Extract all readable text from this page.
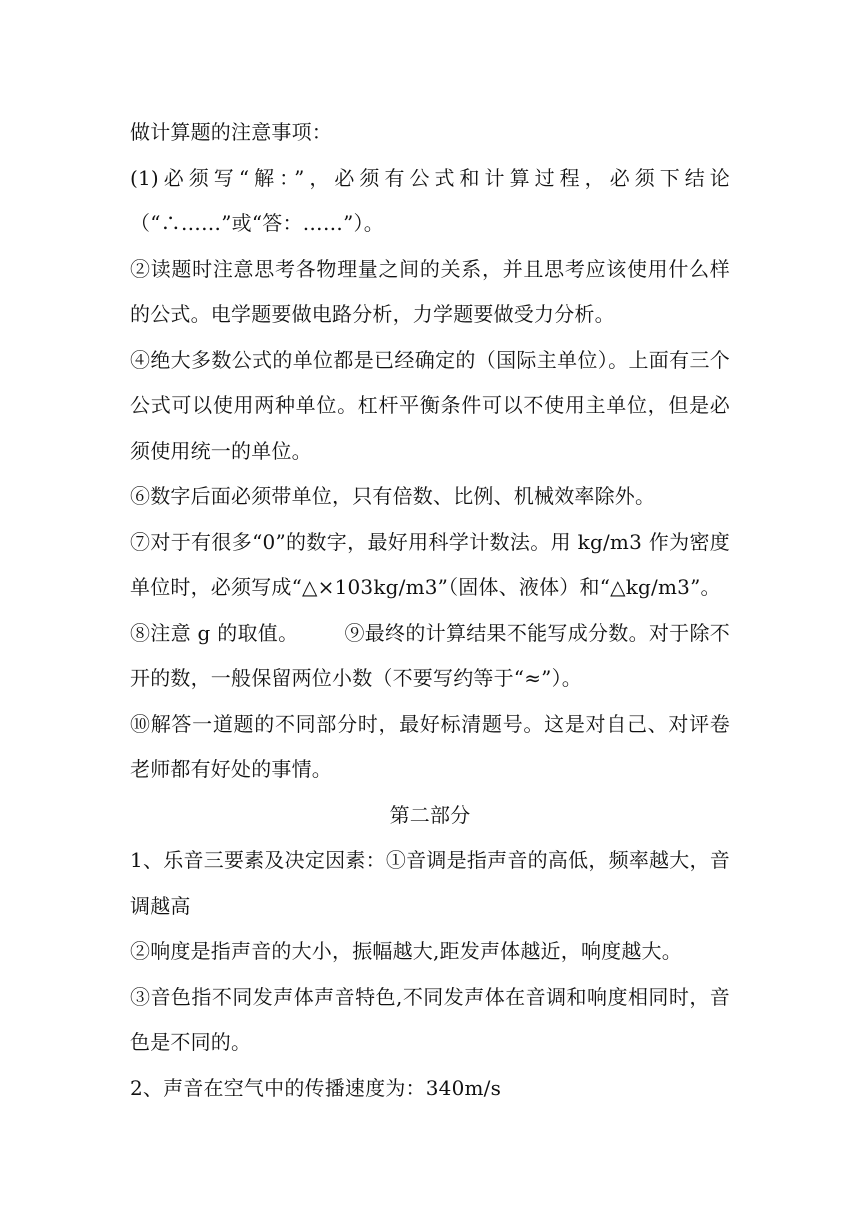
做计算题的注意事项：

(1)必须写“解：”，必须有公式和计算过程，必须下结论（“∴……”或“答：……”）。

②读题时注意思考各物理量之间的关系，并且思考应该使用什么样的公式。电学题要做电路分析，力学题要做受力分析。

④绝大多数公式的单位都是已经确定的（国际主单位）。上面有三个公式可以使用两种单位。杠杆平衡条件可以不使用主单位，但是必须使用统一的单位。

⑥数字后面必须带单位，只有倍数、比例、机械效率除外。

⑦对于有很多“0”的数字，最好用科学计数法。用 kg/m3 作为密度单位时，必须写成“△×103kg/m3”（固体、液体）和“△kg/m3”。

⑧注意 g 的取值。 ⑨最终的计算结果不能写成分数。对于除不开的数，一般保留两位小数（不要写约等于“≈”）。

⑩解答一道题的不同部分时，最好标清题号。这是对自己、对评卷老师都有好处的事情。

第二部分

1、乐音三要素及决定因素：①音调是指声音的高低，频率越大，音调越高

②响度是指声音的大小，振幅越大,距发声体越近，响度越大。

③音色指不同发声体声音特色,不同发声体在音调和响度相同时，音色是不同的。

2、声音在空气中的传播速度为：340m/s
